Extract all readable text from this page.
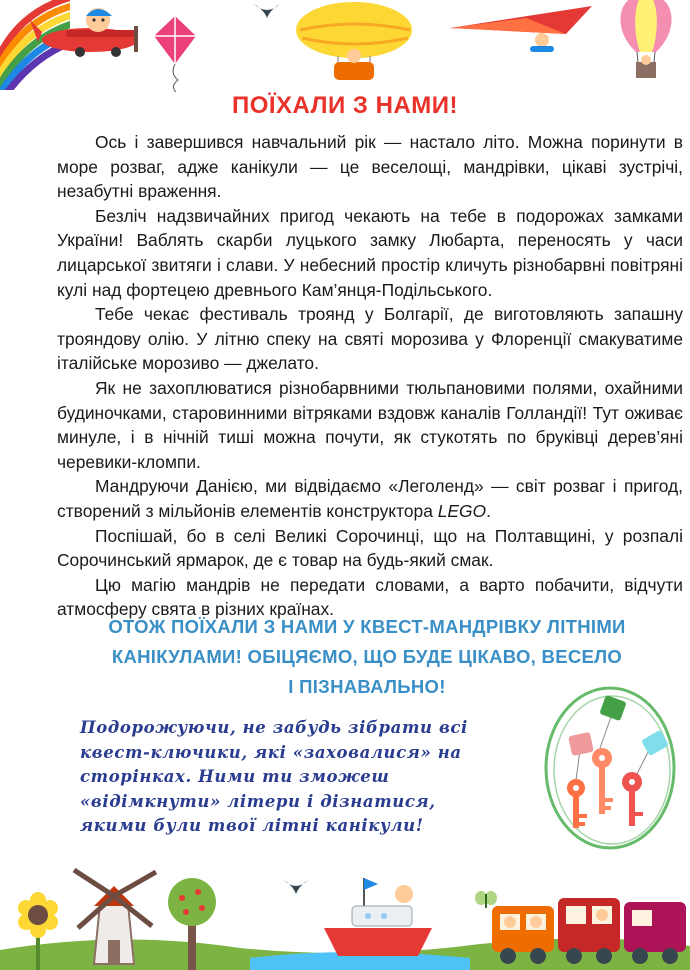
ПОЇХАЛИ З НАМИ!

Ось і завершився навчальний рік — настало літо. Можна поринути в море розваг, адже канікули — це веселощі, мандрівки, цікаві зустрічі, незабутні враження.

Безліч надзвичайних пригод чекають на тебе в подорожах замками України! Ваблять скарби луцького замку Любарта, переносять у часи лицарської звитяги і слави. У небесний простір кличуть різнобарвні повітряні кулі над фортецею древнього Кам’янця-Подільського.

Тебе чекає фестиваль троянд у Болгарії, де виготовляють запашну трояндову олію. У літню спеку на святі морозива у Флоренції смакуватиме італійське морозиво — джелато.

Як не захоплюватися різнобарвними тюльпановими полями, охайними будиночками, старовинними вітряками вздовж каналів Голландії! Тут оживає минуле, і в нічній тиші можна почути, як стукотять по бруківці дерев’яні черевики-кломпи.

Мандруючи Данією, ми відвідаємо «Леголенд» — світ розваг і пригод, створений з мільйонів елементів конструктора LEGO.

Поспішай, бо в селі Великі Сорочинці, що на Полтавщині, у розпалі Сорочинський ярмарок, де є товар на будь-який смак.

Цю магію мандрів не передати словами, а варто побачити, відчути атмосферу свята в різних країнах.

ОТОЖ ПОЇХАЛИ З НАМИ У КВЕСТ-МАНДРІВКУ ЛІТНІМИ
КАНІКУЛАМИ! ОБІЦЯЄМО, ЩО БУДЕ ЦІКАВО, ВЕСЕЛО
І ПІЗНАВАЛЬНО!
Подорожуючи, не забудь зібрати всі
квест-ключики, які «заховалися» на
сторінках. Ними ти зможеш
«відімкнути» літери і дізнатися,
якими були твої літні канікули!
